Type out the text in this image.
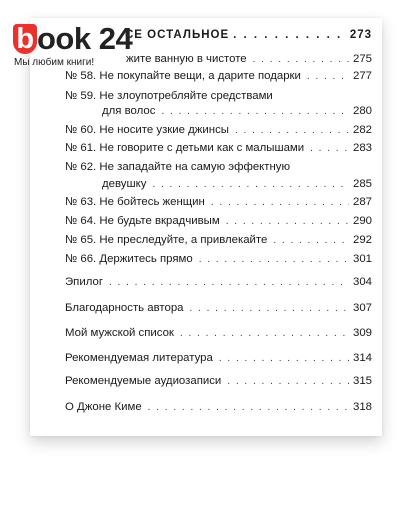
СЕ ОСТАЛЬНОЕ . . .	273
жите ванную в чистоте . . .	275
№ 58. Не покупайте вещи, а дарите подарки . . .	277
№ 59. Не злоупотребляйте средствами
для волос . . .	280
№ 60. Не носите узкие джинсы . . .	282
№ 61. Не говорите с детьми как с малышами . . .	283
№ 62. Не западайте на самую эффектную
девушку . . .	285
№ 63. Не бойтесь женщин . . .	287
№ 64. Не будьте вкрадчивым . . .	290
№ 65. Не преследуйте, а привлекайте . . .	292
№ 66. Держитесь прямо . . .	301
Эпилог . . .	304
Благодарность автора . . .	307
Мой мужской список . . .	309
Рекомендуемая литература . . .	314
Рекомендуемые аудиозаписи . . .	315
О Джоне Киме . . .	318
b ook 24
Мы любим книги!
